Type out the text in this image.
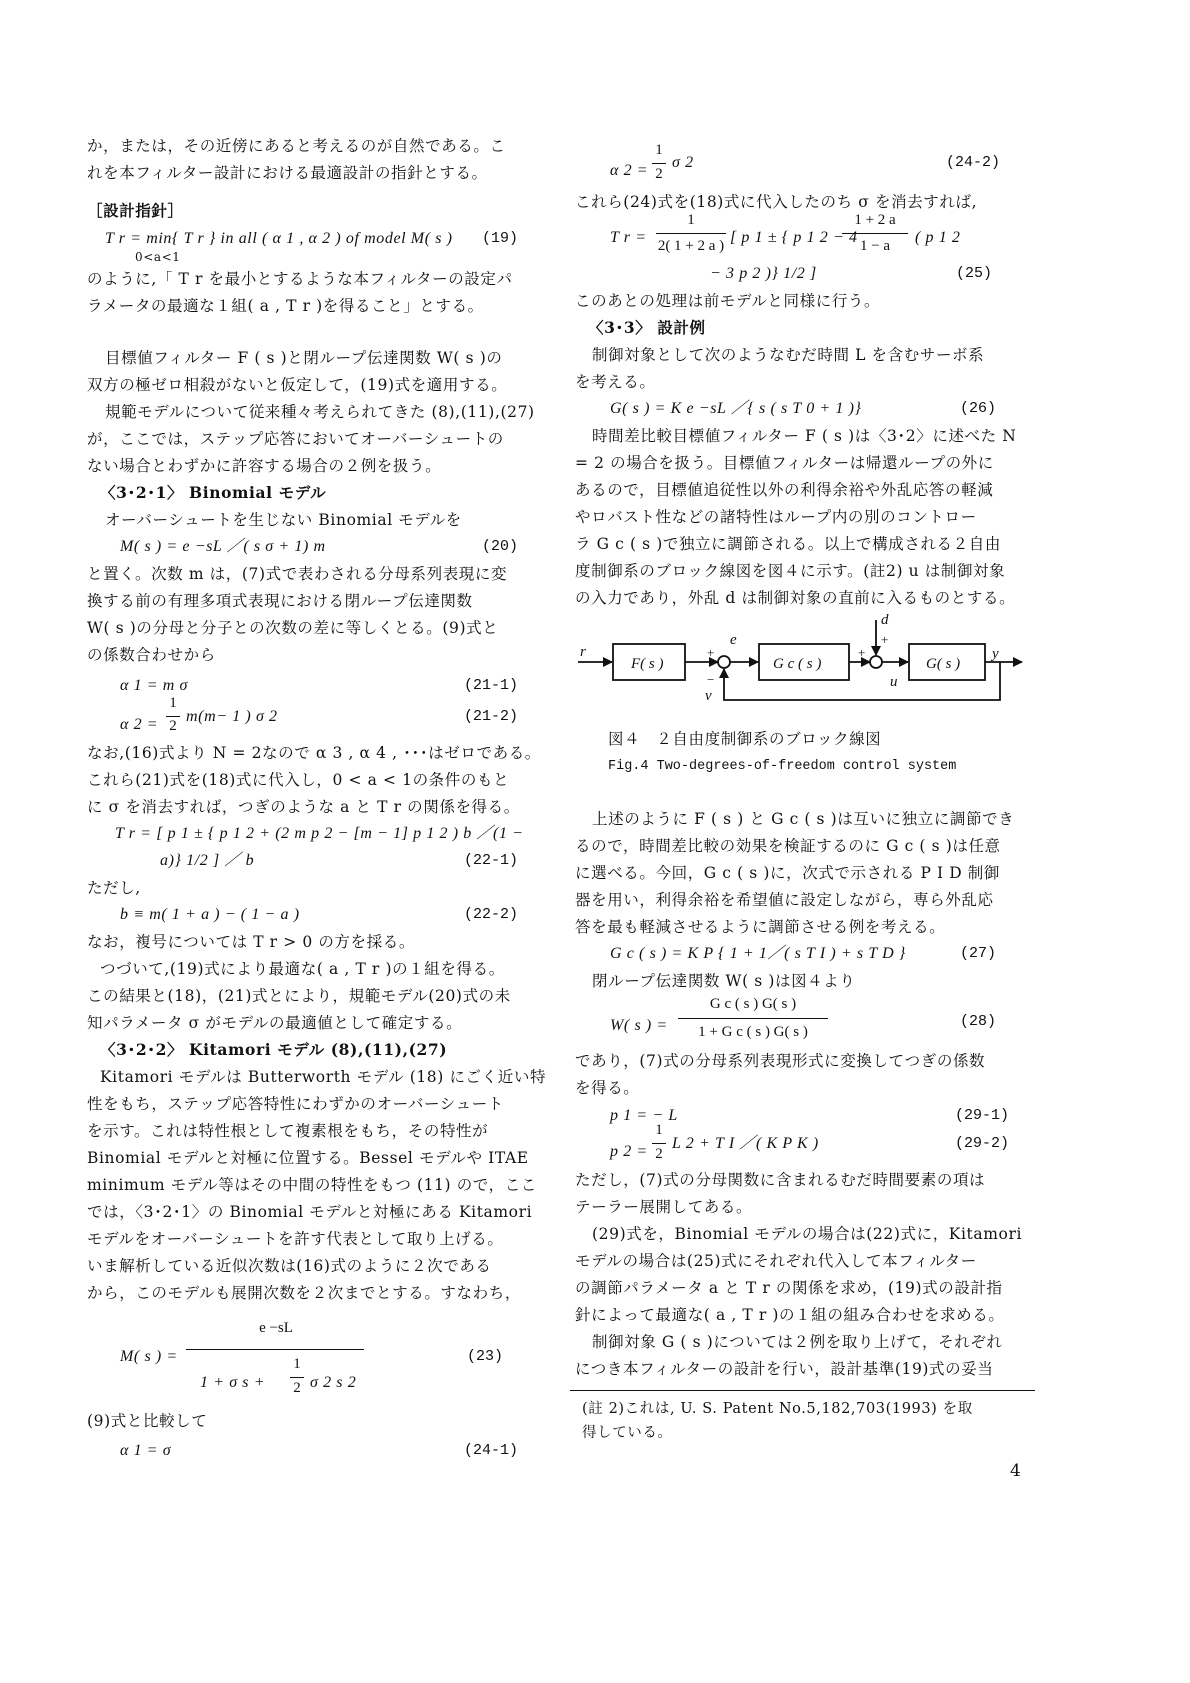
か，または，その近傍にあると考えるのが自然である。こ
れを本フィルター設計における最適設計の指針とする。
［設計指針］
T r = min{ T r } in all ( α 1 , α 2 ) of model M( s )
0<a<1
(19)
のように,「 T r を最小とするような本フィルターの設定パ
ラメータの最適な１組( a , T r )を得ること」とする。
目標値フィルター F ( s )と閉ループ伝達関数 W( s )の
双方の極ゼロ相殺がないと仮定して，(19)式を適用する。
規範モデルについて従来種々考えられてきた (8),(11),(27)
が，ここでは，ステップ応答においてオーバーシュートの
ない場合とわずかに許容する場合の２例を扱う。
〈3･2･1〉 Binomial モデル
オーバーシュートを生じない Binomial モデルを
M( s ) = e −sL ／( s σ + 1) m	(20)
と置く。次数 m は，(7)式で表わされる分母系列表現に変
換する前の有理多項式表現における閉ループ伝達関数
W( s )の分母と分子との次数の差に等しくとる。(9)式と
の係数合わせから
α 1 = m σ	(21-1)
α 2 =
1
2
m(m− 1 ) σ 2	(21-2)
なお,(16)式より N = 2なので α 3 , α 4 , ･･･はゼロである。
これら(21)式を(18)式に代入し，0 < a < 1の条件のもと
に σ を消去すれば，つぎのような a と T r の関係を得る。
T r = [ p 1 ± { p 1 2 + (2 m p 2 − [m − 1] p 1 2 ) b ／(1 −
a)} 1/2 ] ／ b	(22-1)
ただし,
b ≡ m( 1 + a ) − ( 1 − a )	(22-2)
なお，複号については T r > 0 の方を採る。
つづいて,(19)式により最適な( a , T r )の１組を得る。
この結果と(18)，(21)式とにより，規範モデル(20)式の未
知パラメータ σ がモデルの最適値として確定する。
〈3･2･2〉 Kitamori モデル (8),(11),(27)
Kitamori モデルは Butterworth モデル (18) にごく近い特
性をもち，ステップ応答特性にわずかのオーバーシュート
を示す。これは特性根として複素根をもち，その特性が
Binomial モデルと対極に位置する。Bessel モデルや ITAE
minimum モデル等はその中間の特性をもつ (11) ので，ここ
では，〈3･2･1〉の Binomial モデルと対極にある Kitamori
モデルをオーバーシュートを許す代表として取り上げる。
いま解析している近似次数は(16)式のように２次である
から，このモデルも展開次数を２次までとする。すなわち，
M( s ) =
e −sL
1 + σ s +
1
2 σ 2 s 2
(23)
(9)式と比較して
α 1 = σ	(24-1)
α 2 =
1
2
σ 2	(24-2)
これら(24)式を(18)式に代入したのち σ を消去すれば,
T r =
1
2( 1 + 2 a ) [ p 1 ± { p 1 2 − 4
1 + 2 a
1 − a	( p 1 2
− 3 p 2 )} 1/2 ]	(25)
このあとの処理は前モデルと同様に行う。
〈3･3〉 設計例
制御対象として次のようなむだ時間 L を含むサーボ系
を考える。
G( s ) = K e −sL ／{ s ( s T 0 + 1 )}	(26)
時間差比較目標値フィルター F ( s )は〈3･2〉に述べた N
= 2 の場合を扱う。目標値フィルターは帰還ループの外に
あるので，目標値追従性以外の利得余裕や外乱応答の軽減
やロバスト性などの諸特性はループ内の別のコントロー
ラ G c ( s )で独立に調節される。以上で構成される２自由
度制御系のブロック線図を図４に示す。(註2) u は制御対象
の入力であり，外乱 d は制御対象の直前に入るものとする。
r
F( s )
e
G c ( s )
d
G( s )
y
u
v
+
−
+
+
図４　２自由度制御系のブロック線図
Fig.4 Two-degrees-of-freedom control system
上述のように F ( s ) と G c ( s )は互いに独立に調節でき
るので，時間差比較の効果を検証するのに G c ( s )は任意
に選べる。今回，G c ( s )に，次式で示される P I D 制御
器を用い，利得余裕を希望値に設定しながら，専ら外乱応
答を最も軽減させるように調節させる例を考える。
G c ( s ) = K P { 1 + 1／( s T I ) + s T D }	(27)
閉ループ伝達関数 W( s )は図４より
W( s ) =
G c ( s ) G( s )
1 + G c ( s ) G( s )
(28)
であり，(7)式の分母系列表現形式に変換してつぎの係数
を得る。
p 1 = − L	(29-1)
p 2 =
1
2
L 2 + T I ／( K P K )	(29-2)
ただし，(7)式の分母関数に含まれるむだ時間要素の項は
テーラー展開してある。
(29)式を，Binomial モデルの場合は(22)式に，Kitamori
モデルの場合は(25)式にそれぞれ代入して本フィルター
の調節パラメータ a と T r の関係を求め，(19)式の設計指
針によって最適な( a , T r )の１組の組み合わせを求める。
制御対象 G ( s )については２例を取り上げて，それぞれ
につき本フィルターの設計を行い，設計基準(19)式の妥当
(註 2)これは, U. S. Patent No.5,182,703(1993) を取
得している。
4
